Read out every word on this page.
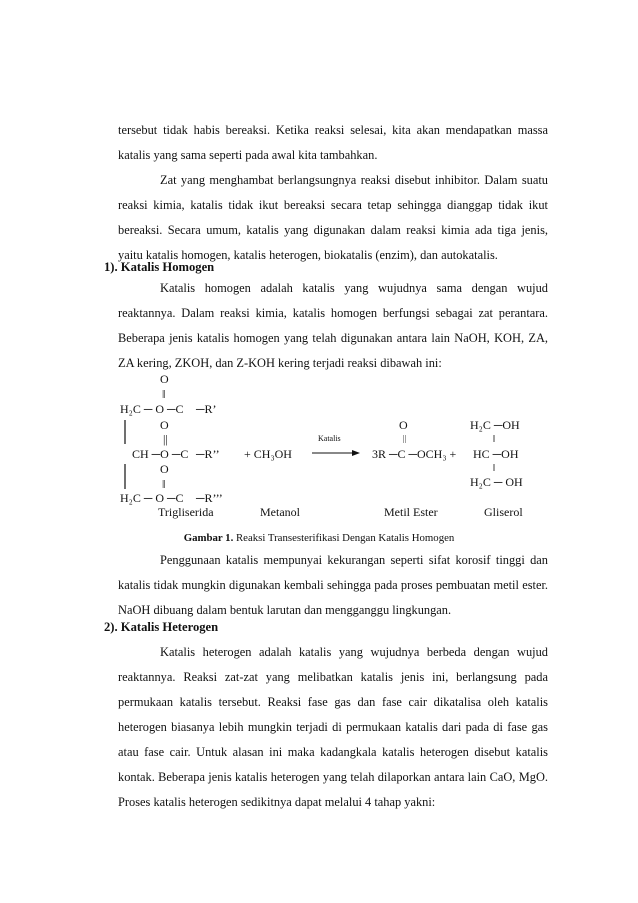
tersebut tidak habis bereaksi. Ketika reaksi selesai, kita akan mendapatkan massa katalis yang sama seperti pada awal kita tambahkan.

Zat yang menghambat berlangsungnya reaksi disebut inhibitor. Dalam suatu reaksi kimia, katalis tidak ikut bereaksi secara tetap sehingga dianggap tidak ikut bereaksi. Secara umum, katalis yang digunakan dalam reaksi kimia ada tiga jenis, yaitu katalis homogen, katalis heterogen, biokatalis (enzim), dan autokatalis.

1). Katalis Homogen

Katalis homogen adalah katalis yang wujudnya sama dengan wujud reaktannya. Dalam reaksi kimia, katalis homogen berfungsi sebagai zat perantara. Beberapa jenis katalis homogen yang telah digunakan antara lain NaOH, KOH, ZA, ZA kering, ZKOH, dan Z-KOH kering terjadi reaksi dibawah ini:

O
‖
H₂C ─ O ─C ─R’
O
||
CH ─O ─C ─R’’
O
‖
H₂C ─ O ─C ─R’’’
+ CH₃OH
Katalis
O
||
3R ─C ─OCH₃ +
H₂C ─OH
HC ─OH
H₂C ─ OH
Trigliserida	Metanol	Metil Ester	Gliserol
Gambar 1. Reaksi Transesterifikasi Dengan Katalis Homogen

Penggunaan katalis mempunyai kekurangan seperti sifat korosif tinggi dan katalis tidak mungkin digunakan kembali sehingga pada proses pembuatan metil ester. NaOH dibuang dalam bentuk larutan dan mengganggu lingkungan.

2). Katalis Heterogen

Katalis heterogen adalah katalis yang wujudnya berbeda dengan wujud reaktannya. Reaksi zat-zat yang melibatkan katalis jenis ini, berlangsung pada permukaan katalis tersebut. Reaksi fase gas dan fase cair dikatalisa oleh katalis heterogen biasanya lebih mungkin terjadi di permukaan katalis dari pada di fase gas atau fase cair. Untuk alasan ini maka kadangkala katalis heterogen disebut katalis kontak. Beberapa jenis katalis heterogen yang telah dilaporkan antara lain CaO, MgO. Proses katalis heterogen sedikitnya dapat melalui 4 tahap yakni:
